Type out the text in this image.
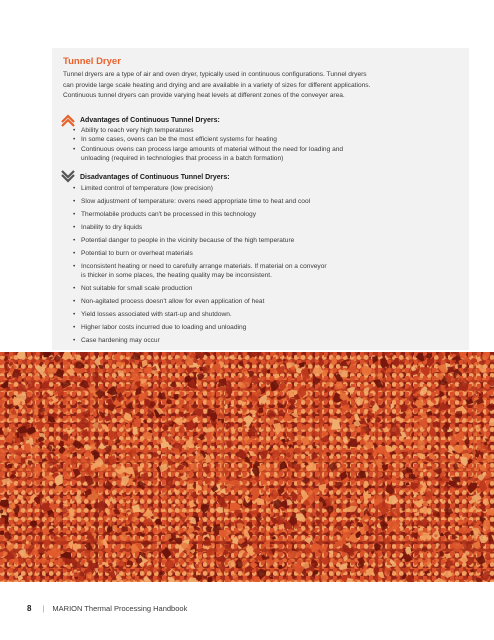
Tunnel Dryer

Tunnel dryers are a type of air and oven dryer, typically used in continuous configurations. Tunnel dryers

can provide large scale heating and drying and are available in a variety of sizes for different applications.

Continuous tunnel dryers can provide varying heat levels at different zones of the conveyer area.

Advantages of Continuous Tunnel Dryers:
• Ability to reach very high temperatures
• In some cases, ovens can be the most efficient systems for heating
• Continuous ovens can process large amounts of material without the need for loading and
unloading (required in technologies that process in a batch formation)
Disadvantages of Continuous Tunnel Dryers:
• Limited control of temperature (low precision)
• Slow adjustment of temperature: ovens need appropriate time to heat and cool
• Thermolabile products can't be processed in this technology
• Inability to dry liquids
• Potential danger to people in the vicinity because of the high temperature
• Potential to burn or overheat materials
• Inconsistent heating or need to carefully arrange materials. If material on a conveyor
is thicker in some places, the heating quality may be inconsistent.
• Not suitable for small scale production
• Non-agitated process doesn't allow for even application of heat
• Yield losses associated with start-up and shutdown.
• Higher labor costs incurred due to loading and unloading
• Case hardening may occur
8 | MARION Thermal Processing Handbook
